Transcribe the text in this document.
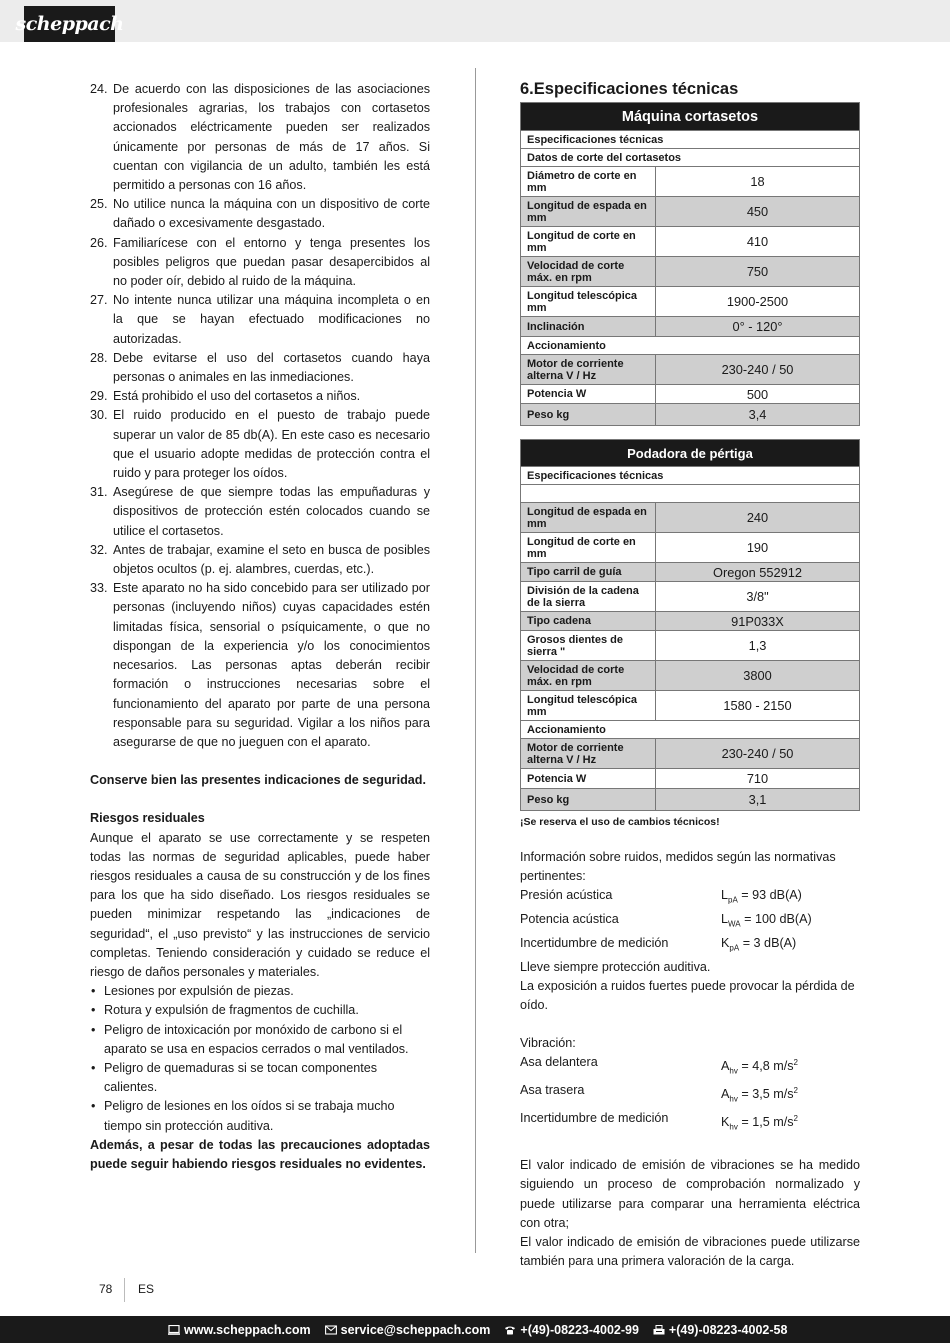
scheppach
24. De acuerdo con las disposiciones de las asociaciones profesionales agrarias, los trabajos con cortasetos accionados eléctricamente pueden ser realizados únicamente por personas de más de 17 años. Si cuentan con vigilancia de un adulto, también les está permitido a personas con 16 años.
25. No utilice nunca la máquina con un dispositivo de corte dañado o excesivamente desgastado.
26. Familiarícese con el entorno y tenga presentes los posibles peligros que puedan pasar desapercibidos al no poder oír, debido al ruido de la máquina.
27. No intente nunca utilizar una máquina incompleta o en la que se hayan efectuado modificaciones no autorizadas.
28. Debe evitarse el uso del cortasetos cuando haya personas o animales en las inmediaciones.
29. Está prohibido el uso del cortasetos a niños.
30. El ruido producido en el puesto de trabajo puede superar un valor de 85 db(A). En este caso es necesario que el usuario adopte medidas de protección contra el ruido y para proteger los oídos.
31. Asegúrese de que siempre todas las empuñaduras y dispositivos de protección estén colocados cuando se utilice el cortasetos.
32. Antes de trabajar, examine el seto en busca de posibles objetos ocultos (p. ej. alambres, cuerdas, etc.).
33. Este aparato no ha sido concebido para ser utilizado por personas (incluyendo niños) cuyas capacidades estén limitadas física, sensorial o psíquicamente, o que no dispongan de la experiencia y/o los conocimientos necesarios. Las personas aptas deberán recibir formación o instrucciones necesarias sobre el funcionamiento del aparato por parte de una persona responsable para su seguridad. Vigilar a los niños para asegurarse de que no jueguen con el aparato.
Conserve bien las presentes indicaciones de seguridad.
Riesgos residuales
Aunque el aparato se use correctamente y se respeten todas las normas de seguridad aplicables, puede haber riesgos residuales a causa de su construcción y de los fines para los que ha sido diseñado. Los riesgos residuales se pueden minimizar respetando las „indicaciones de seguridad“, el „uso previsto“ y las instrucciones de servicio completas. Teniendo consideración y cuidado se reduce el riesgo de daños personales y materiales.
• Lesiones por expulsión de piezas.
• Rotura y expulsión de fragmentos de cuchilla.
• Peligro de intoxicación por monóxido de carbono si el aparato se usa en espacios cerrados o mal ventilados.
• Peligro de quemaduras si se tocan componentes calientes.
• Peligro de lesiones en los oídos si se trabaja mucho tiempo sin protección auditiva.
Además, a pesar de todas las precauciones adoptadas puede seguir habiendo riesgos residuales no evidentes.
6.Especificaciones técnicas
Máquina cortasetos	
Especificaciones técnicas	
Datos de corte del cortasetos	
Diámetro de corte en mm	18
Longitud de espada en mm	450
Longitud de corte en mm	410
Velocidad de corte máx. en rpm	750
Longitud telescópica mm	1900-2500
Inclinación	0° - 120°
Accionamiento	
Motor de corriente alterna V / Hz	230-240 / 50
Potencia W	500
Peso kg	3,4
Podadora de pértiga	
Especificaciones técnicas	

Longitud de espada en mm	240
Longitud de corte en mm	190
Tipo carril de guía	Oregon 552912
División de la cadena de la sierra	3/8"
Tipo cadena	91P033X
Grosos dientes de sierra "	1,3
Velocidad de corte máx. en rpm	3800
Longitud telescópica mm	1580 - 2150
Accionamiento	
Motor de corriente alterna V / Hz	230-240 / 50
Potencia W	710
Peso kg	3,1
¡Se reserva el uso de cambios técnicos!
Información sobre ruidos, medidos según las normativas pertinentes:
Presión acústica	$L_{pA} = 93$ dB(A)
Potencia acústica	$L_{WA} = 100$ dB(A)
Incertidumbre de medición	$K_{pA} = 3$ dB(A)
Lleve siempre protección auditiva.
La exposición a ruidos fuertes puede provocar la pérdida de oído.
Vibración:
Asa delantera	$A_{hv} = 4,8$ $m/s^2$
Asa trasera	$A_{hv} = 3,5$ $m/s^2$
Incertidumbre de medición	$K_{hv} = 1,5$ $m/s^2$
El valor indicado de emisión de vibraciones se ha medido siguiendo un proceso de comprobación normalizado y puede utilizarse para comparar una herramienta eléctrica con otra;
El valor indicado de emisión de vibraciones puede utilizarse también para una primera valoración de la carga.
78 ES
www.scheppach.com service@scheppach.com +(49)-08223-4002-99 +(49)-08223-4002-58
